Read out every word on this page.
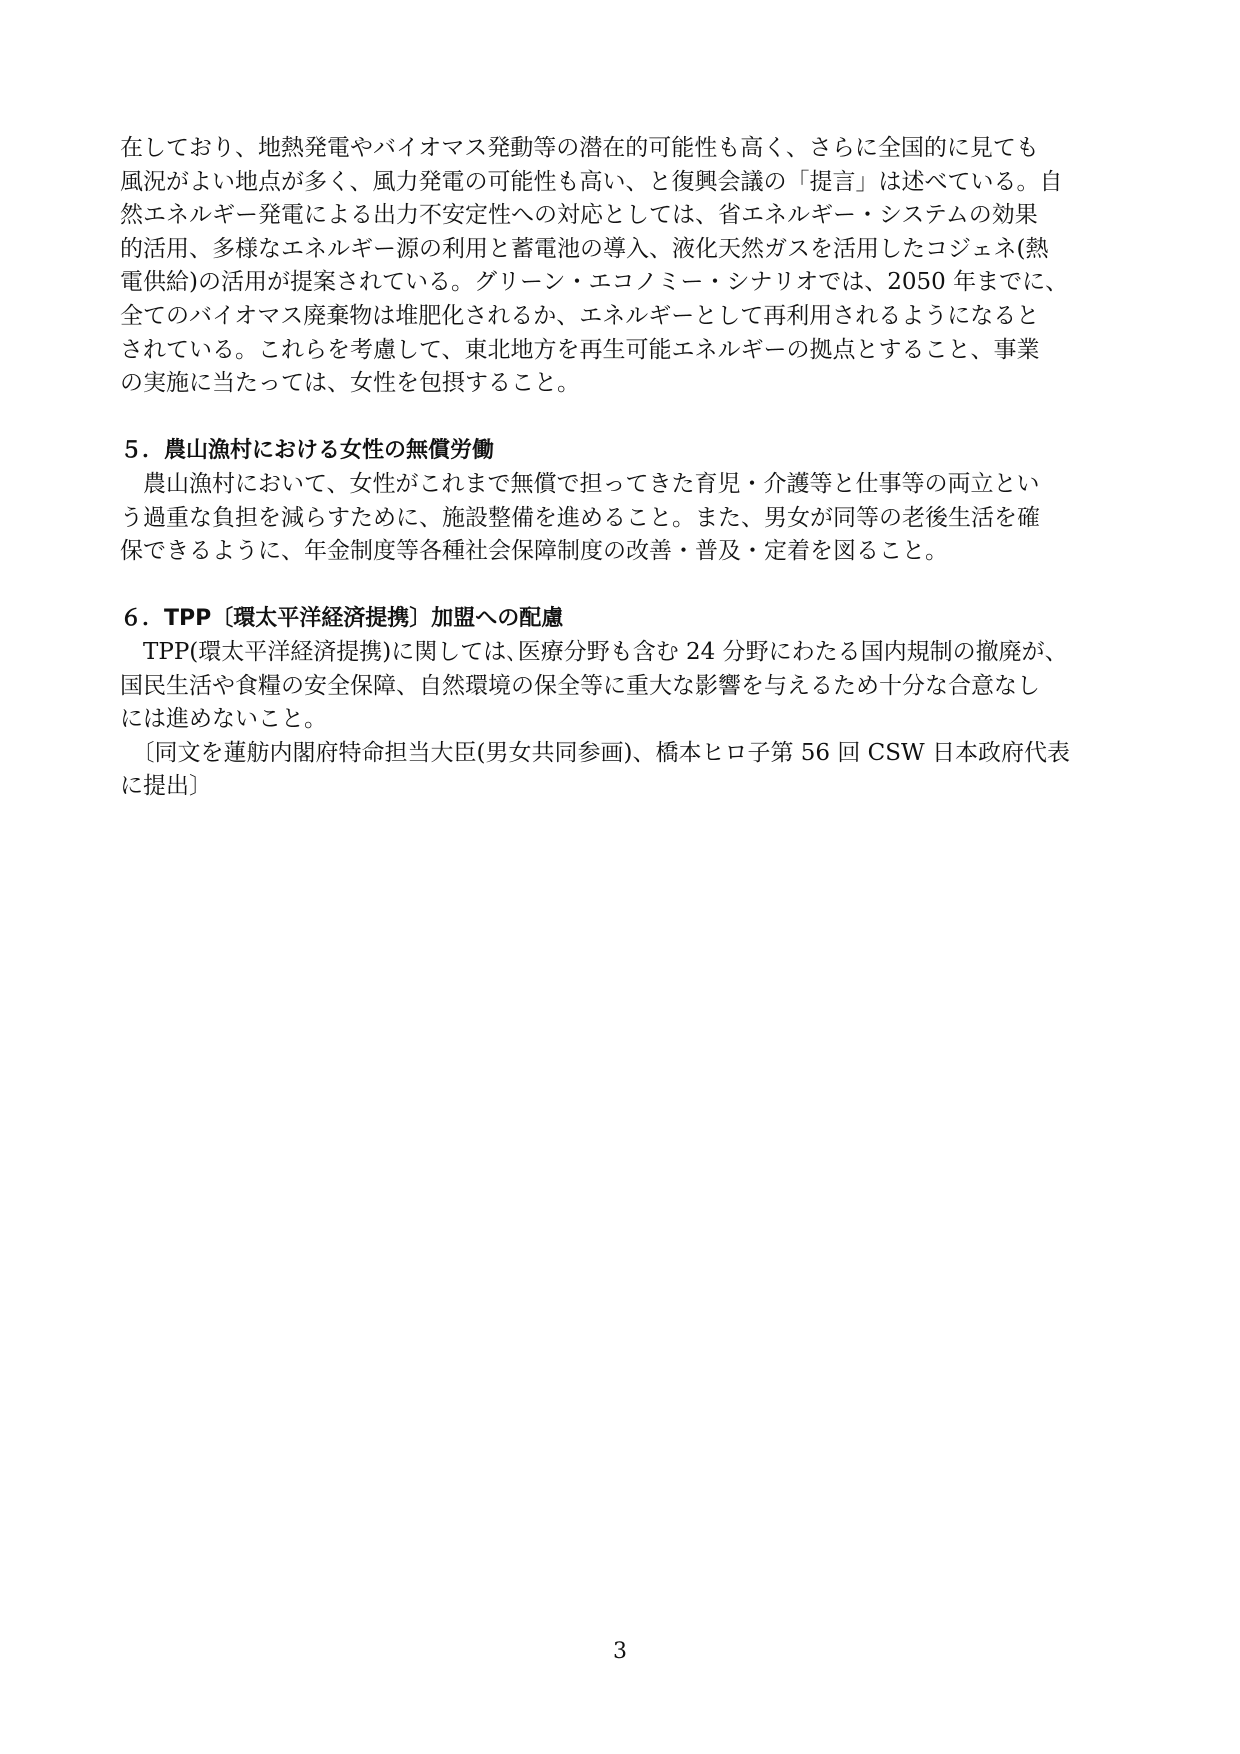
在しており、地熱発電やバイオマス発動等の潜在的可能性も高く、さらに全国的に見ても
風況がよい地点が多く、風力発電の可能性も高い、と復興会議の「提言」は述べている。自
然エネルギー発電による出力不安定性への対応としては、省エネルギー・システムの効果
的活用、多様なエネルギー源の利用と蓄電池の導入、液化天然ガスを活用したコジェネ(熱
電供給)の活用が提案されている。グリーン・エコノミー・シナリオでは、2050 年までに、
全てのバイオマス廃棄物は堆肥化されるか、エネルギーとして再利用されるようになると
されている。これらを考慮して、東北地方を再生可能エネルギーの拠点とすること、事業
の実施に当たっては、女性を包摂すること。
５．農山漁村における女性の無償労働
　農山漁村において、女性がこれまで無償で担ってきた育児・介護等と仕事等の両立とい
う過重な負担を減らすために、施設整備を進めること。また、男女が同等の老後生活を確
保できるように、年金制度等各種社会保障制度の改善・普及・定着を図ること。
６．TPP〔環太平洋経済提携〕加盟への配慮
　TPP(環太平洋経済提携)に関しては､医療分野も含む 24 分野にわたる国内規制の撤廃が、
国民生活や食糧の安全保障、自然環境の保全等に重大な影響を与えるため十分な合意なし
には進めないこと。
　〔同文を蓮舫内閣府特命担当大臣(男女共同参画)、橋本ヒロ子第 56 回 CSW 日本政府代表
に提出〕
3
